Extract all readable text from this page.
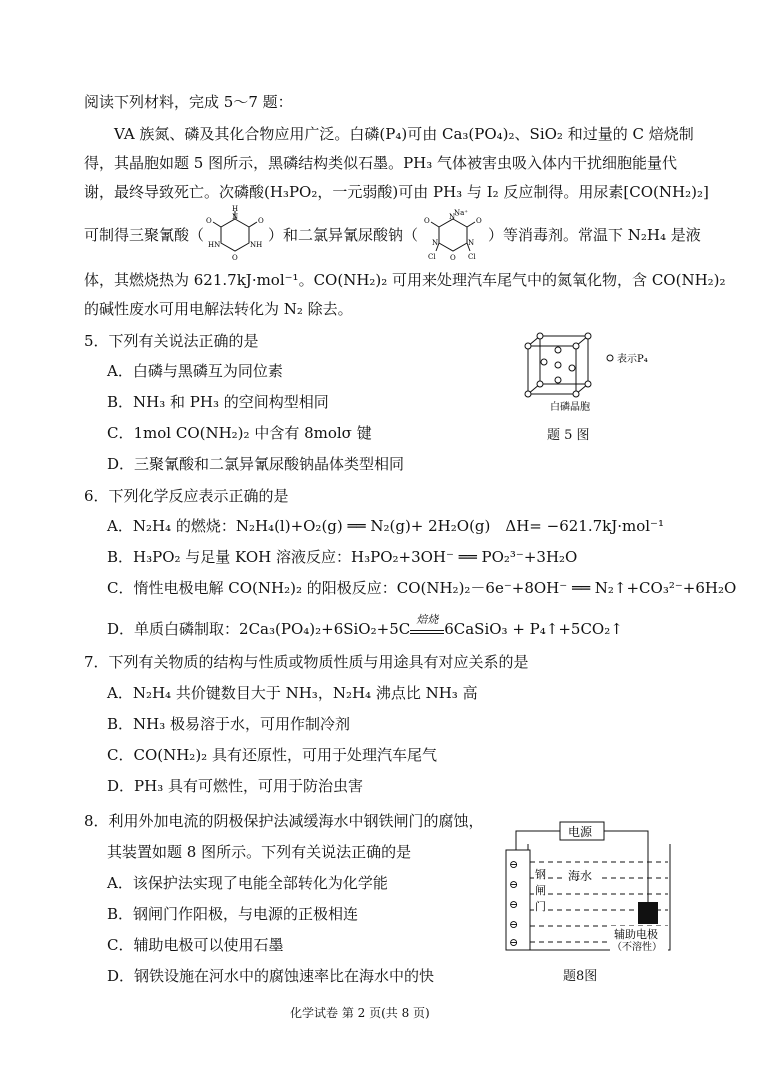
阅读下列材料，完成 5～7 题：
VA 族氮、磷及其化合物应用广泛。白磷(P₄)可由 Ca₃(PO₄)₂、SiO₂ 和过量的 C 焙烧制
得，其晶胞如题 5 图所示，黑磷结构类似石墨。PH₃ 气体被害虫吸入体内干扰细胞能量代
谢，最终导致死亡。次磷酸(H₃PO₂，一元弱酸)可由 PH₃ 与 I₂ 反应制得。用尿素[CO(NH₂)₂]
可制得三聚氰酸（
H
N
O	O
HN	NH
O
）和二氯异氰尿酸钠（
Na⁺
N⁻
O	O
N	N
Cl	Cl
O
）等消毒剂。常温下 N₂H₄ 是液
体，其燃烧热为 621.7kJ·mol⁻¹。CO(NH₂)₂ 可用来处理汽车尾气中的氮氧化物，含 CO(NH₂)₂
的碱性废水可用电解法转化为 N₂ 除去。
5．下列有关说法正确的是
A．白磷与黑磷互为同位素
B．NH₃ 和 PH₃ 的空间构型相同
C．1mol CO(NH₂)₂ 中含有 8molσ 键
D．三聚氰酸和二氯异氰尿酸钠晶体类型相同
表示P₄
白磷晶胞
题 5 图
6．下列化学反应表示正确的是
A．N₂H₄ 的燃烧：N₂H₄(l)+O₂(g) ══ N₂(g)+ 2H₂O(g)　ΔH= −621.7kJ·mol⁻¹
B．H₃PO₂ 与足量 KOH 溶液反应：H₃PO₂+3OH⁻ ══ PO₂³⁻+3H₂O
C．惰性电极电解 CO(NH₂)₂ 的阳极反应：CO(NH₂)₂－6e⁻+8OH⁻ ══ N₂↑+CO₃²⁻+6H₂O
D．单质白磷制取：2Ca₃(PO₄)₂+6SiO₂+5C
焙烧
6CaSiO₃ + P₄↑+5CO₂↑
7．下列有关物质的结构与性质或物质性质与用途具有对应关系的是
A．N₂H₄ 共价键数目大于 NH₃，N₂H₄ 沸点比 NH₃ 高
B．NH₃ 极易溶于水，可用作制冷剂
C．CO(NH₂)₂ 具有还原性，可用于处理汽车尾气
D．PH₃ 具有可燃性，可用于防治虫害
8．利用外加电流的阴极保护法减缓海水中钢铁闸门的腐蚀，
其装置如题 8 图所示。下列有关说法正确的是
A．该保护法实现了电能全部转化为化学能
B．钢闸门作阳极，与电源的正极相连
C．辅助电极可以使用石墨
D．钢铁设施在河水中的腐蚀速率比在海水中的快
电源
⊖
⊖
⊖
⊖
⊖
钢
闸
门
海水
辅助电极
（不溶性）
题8图
化学试卷 第 2 页(共 8 页)
